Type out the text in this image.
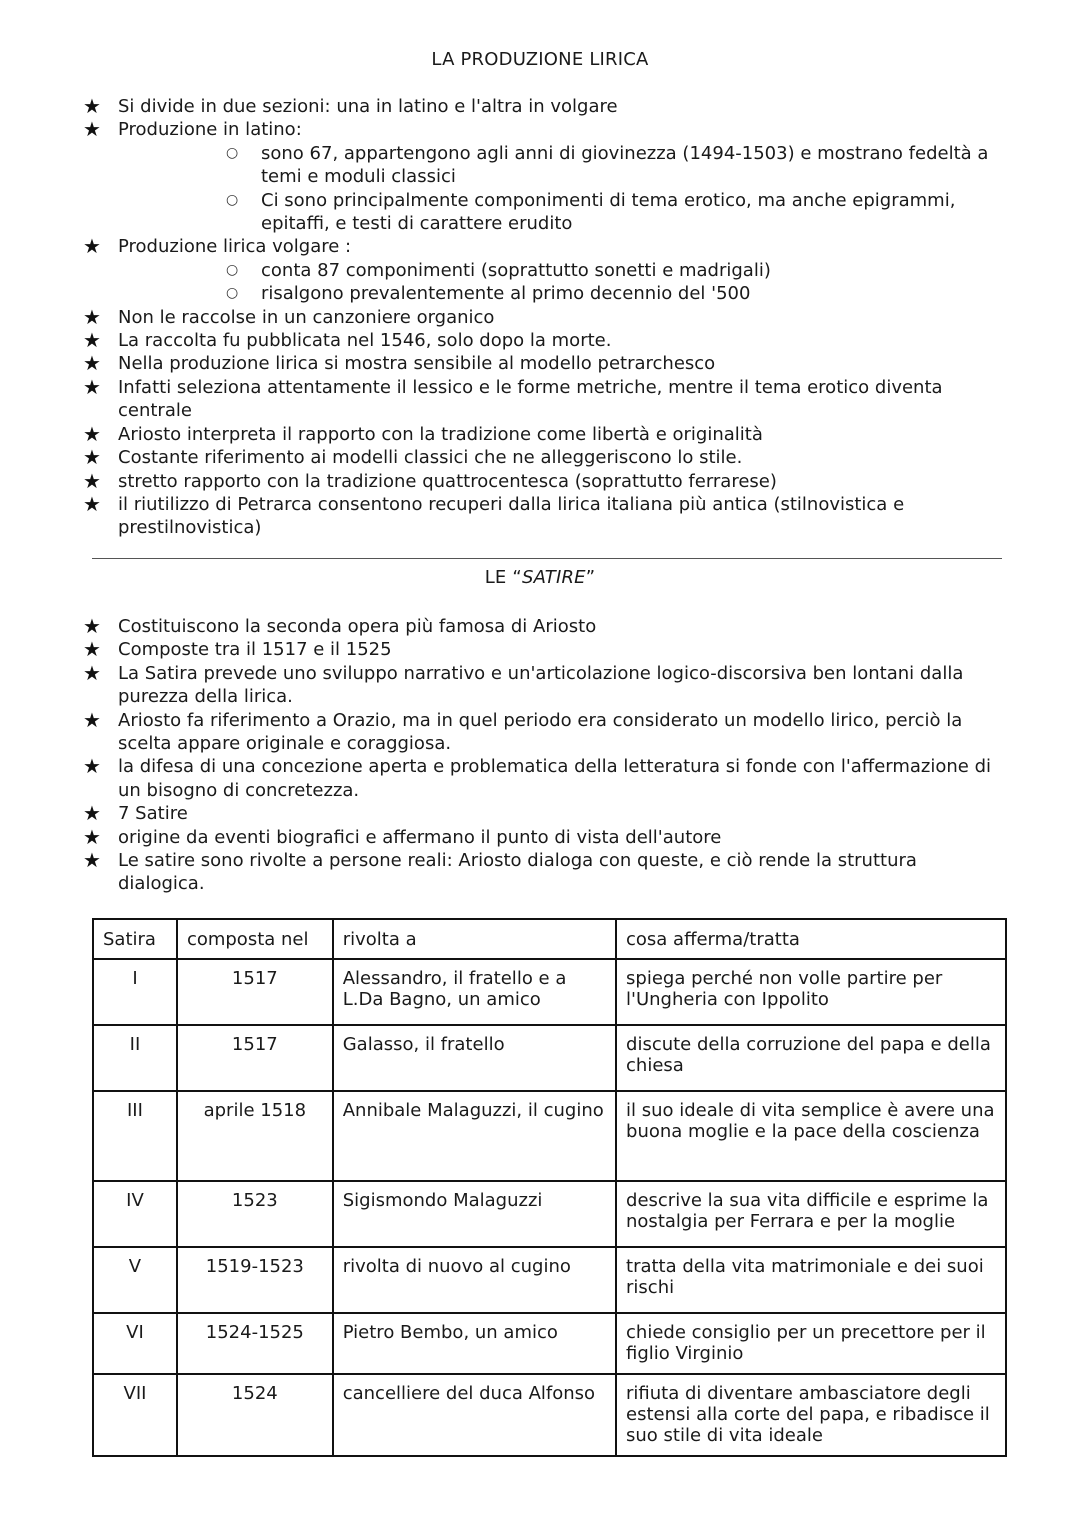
LA PRODUZIONE LIRICA
★ Si divide in due sezioni: una in latino e l'altra in volgare
★ Produzione in latino:
○ sono 67, appartengono agli anni di giovinezza (1494-1503) e mostrano fedeltà a temi e moduli classici
○ Ci sono principalmente componimenti di tema erotico, ma anche epigrammi, epitaffi, e testi di carattere erudito
★ Produzione lirica volgare :
○ conta 87 componimenti (soprattutto sonetti e madrigali)
○ risalgono prevalentemente al primo decennio del '500
★ Non le raccolse in un canzoniere organico
★ La raccolta fu pubblicata nel 1546, solo dopo la morte.
★ Nella produzione lirica si mostra sensibile al modello petrarchesco
★ Infatti seleziona attentamente il lessico e le forme metriche, mentre il tema erotico diventa centrale
★ Ariosto interpreta il rapporto con la tradizione come libertà e originalità
★ Costante riferimento ai modelli classici che ne alleggeriscono lo stile.
★ stretto rapporto con la tradizione quattrocentesca (soprattutto ferrarese)
★ il riutilizzo di Petrarca consentono recuperi dalla lirica italiana più antica (stilnovistica e prestilnovistica)
LE “SATIRE”
★ Costituiscono la seconda opera più famosa di Ariosto
★ Composte tra il 1517 e il 1525
★ La Satira prevede uno sviluppo narrativo e un'articolazione logico-discorsiva ben lontani dalla purezza della lirica.
★ Ariosto fa riferimento a Orazio, ma in quel periodo era considerato un modello lirico, perciò la scelta appare originale e coraggiosa.
★ la difesa di una concezione aperta e problematica della letteratura si fonde con l'affermazione di un bisogno di concretezza.
★ 7 Satire
★ origine da eventi biografici e affermano il punto di vista dell'autore
★ Le satire sono rivolte a persone reali: Ariosto dialoga con queste, e ciò rende la struttura dialogica.
Satira	composta nel	rivolta a	cosa afferma/tratta
I	1517	Alessandro, il fratello e a L.Da Bagno, un amico	spiega perché non volle partire per l'Ungheria con Ippolito
II	1517	Galasso, il fratello	discute della corruzione del papa e della chiesa
III	aprile 1518	Annibale Malaguzzi, il cugino	il suo ideale di vita semplice è avere una buona moglie e la pace della coscienza
IV	1523	Sigismondo Malaguzzi	descrive la sua vita difficile e esprime la nostalgia per Ferrara e per la moglie
V	1519-1523	rivolta di nuovo al cugino	tratta della vita matrimoniale e dei suoi rischi
VI	1524-1525	Pietro Bembo, un amico	chiede consiglio per un precettore per il figlio Virginio
VII	1524	cancelliere del duca Alfonso	rifiuta di diventare ambasciatore degli estensi alla corte del papa, e ribadisce il suo stile di vita ideale
